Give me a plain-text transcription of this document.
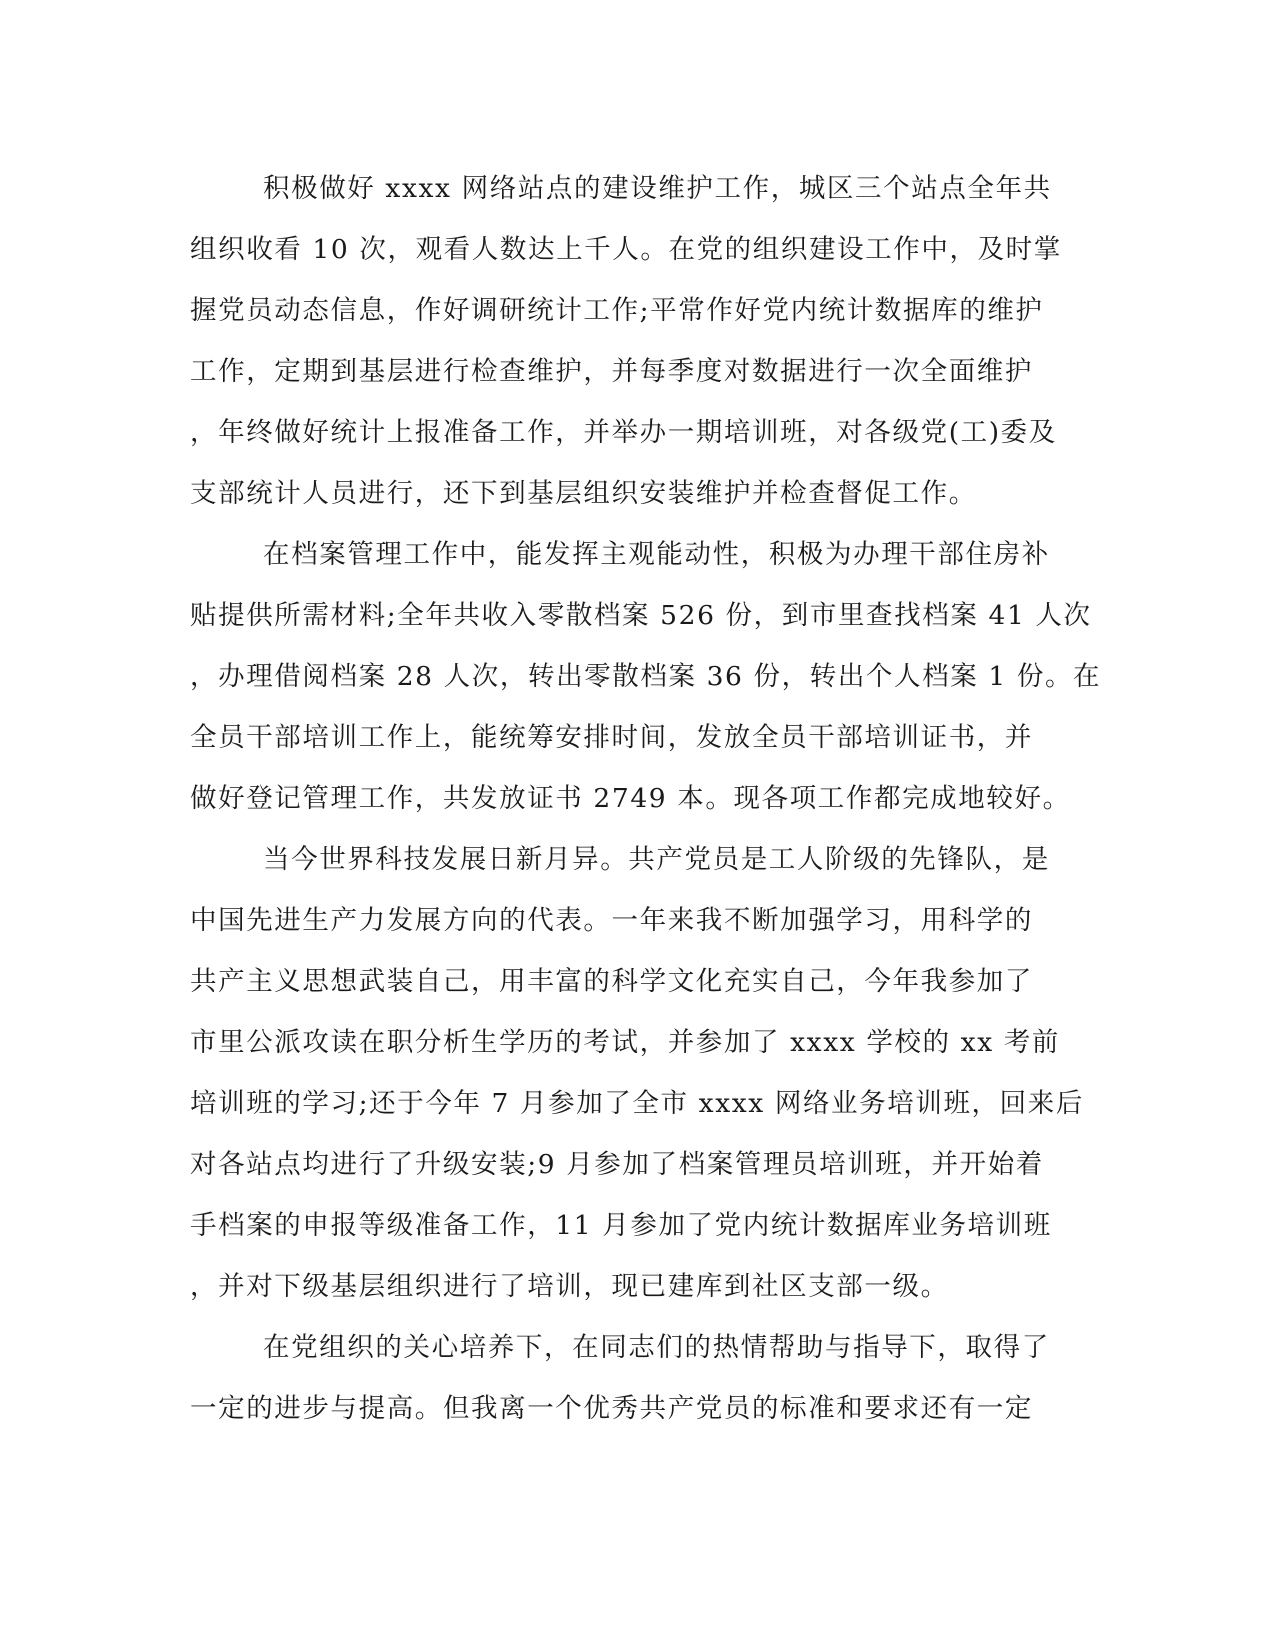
积极做好 xxxx 网络站点的建设维护工作，城区三个站点全年共
组织收看 10 次，观看人数达上千人。在党的组织建设工作中，及时掌
握党员动态信息，作好调研统计工作;平常作好党内统计数据库的维护
工作，定期到基层进行检查维护，并每季度对数据进行一次全面维护
，年终做好统计上报准备工作，并举办一期培训班，对各级党(工)委及
支部统计人员进行，还下到基层组织安装维护并检查督促工作。
在档案管理工作中，能发挥主观能动性，积极为办理干部住房补
贴提供所需材料;全年共收入零散档案 526 份，到市里查找档案 41 人次
，办理借阅档案 28 人次，转出零散档案 36 份，转出个人档案 1 份。在
全员干部培训工作上，能统筹安排时间，发放全员干部培训证书，并
做好登记管理工作，共发放证书 2749 本。现各项工作都完成地较好。
当今世界科技发展日新月异。共产党员是工人阶级的先锋队，是
中国先进生产力发展方向的代表。一年来我不断加强学习，用科学的
共产主义思想武装自己，用丰富的科学文化充实自己，今年我参加了
市里公派攻读在职分析生学历的考试，并参加了 xxxx 学校的 xx 考前
培训班的学习;还于今年 7 月参加了全市 xxxx 网络业务培训班，回来后
对各站点均进行了升级安装;9 月参加了档案管理员培训班，并开始着
手档案的申报等级准备工作，11 月参加了党内统计数据库业务培训班
，并对下级基层组织进行了培训，现已建库到社区支部一级。
在党组织的关心培养下，在同志们的热情帮助与指导下，取得了
一定的进步与提高。但我离一个优秀共产党员的标准和要求还有一定
